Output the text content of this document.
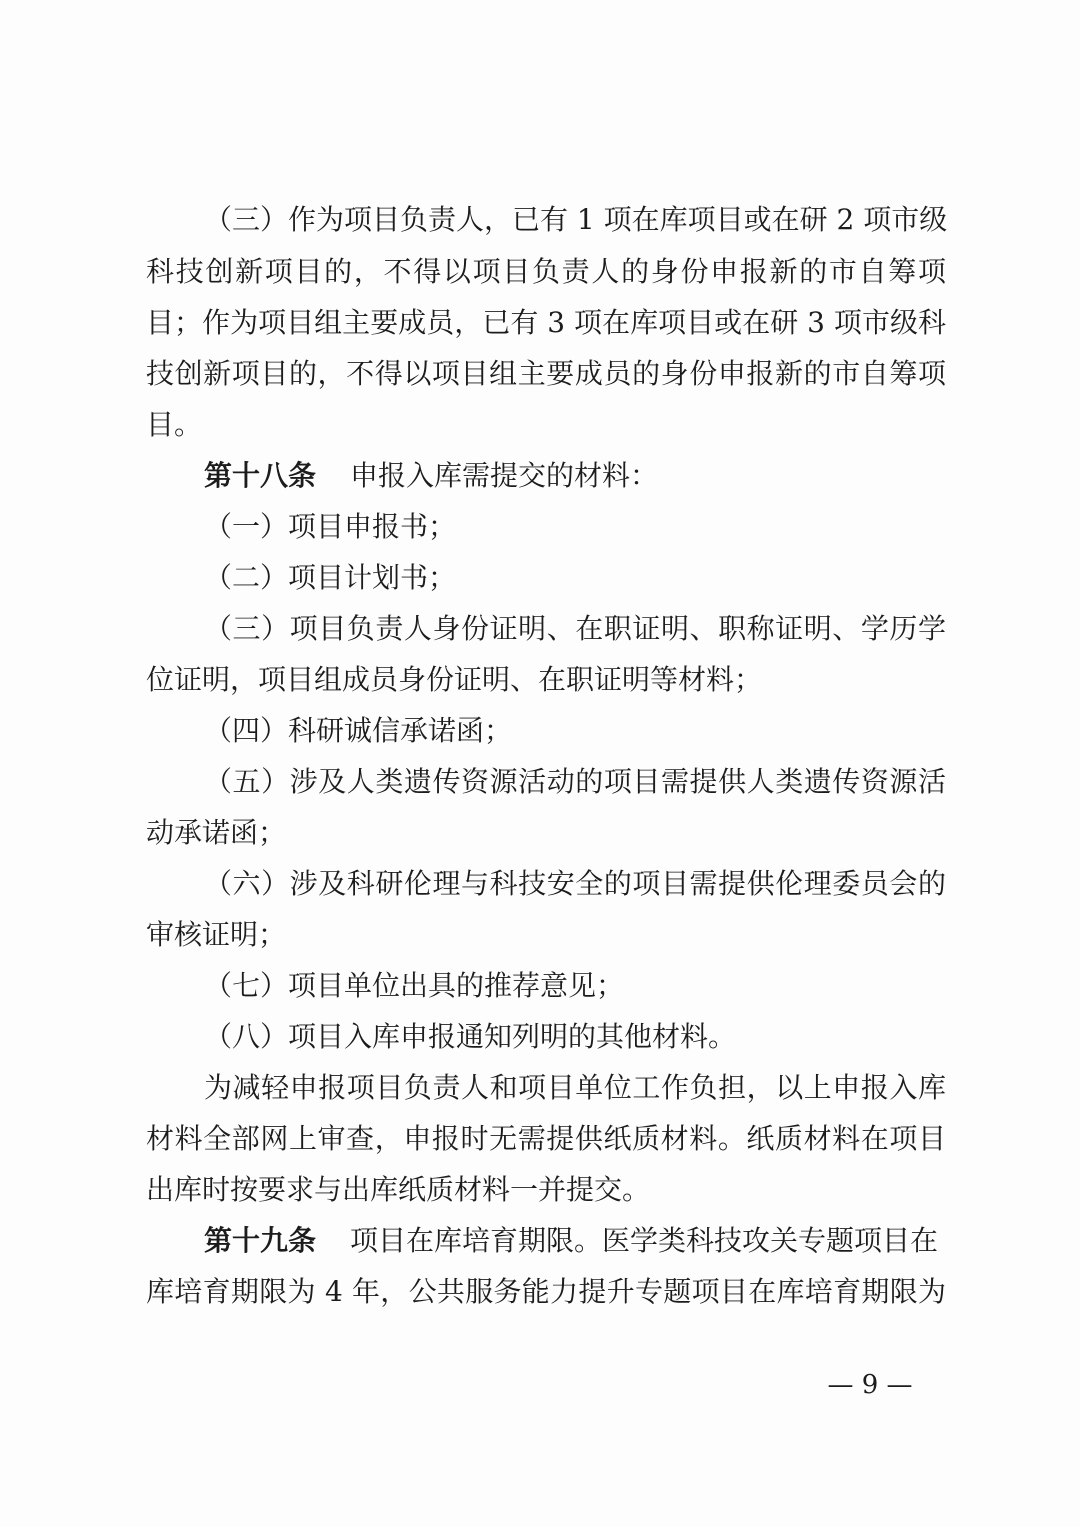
（三）作为项目负责人，已有 1 项在库项目或在研 2 项市级
科技创新项目的，不得以项目负责人的身份申报新的市自筹项
目；作为项目组主要成员，已有 3 项在库项目或在研 3 项市级科
技创新项目的，不得以项目组主要成员的身份申报新的市自筹项
目。
第十八条 申报入库需提交的材料：
（一）项目申报书；
（二）项目计划书；
（三）项目负责人身份证明、在职证明、职称证明、学历学
位证明，项目组成员身份证明、在职证明等材料；
（四）科研诚信承诺函；
（五）涉及人类遗传资源活动的项目需提供人类遗传资源活
动承诺函；
（六）涉及科研伦理与科技安全的项目需提供伦理委员会的
审核证明；
（七）项目单位出具的推荐意见；
（八）项目入库申报通知列明的其他材料。
为减轻申报项目负责人和项目单位工作负担，以上申报入库
材料全部网上审查，申报时无需提供纸质材料。纸质材料在项目
出库时按要求与出库纸质材料一并提交。
第十九条 项目在库培育期限。医学类科技攻关专题项目在
库培育期限为 4 年，公共服务能力提升专题项目在库培育期限为
— 9 —
